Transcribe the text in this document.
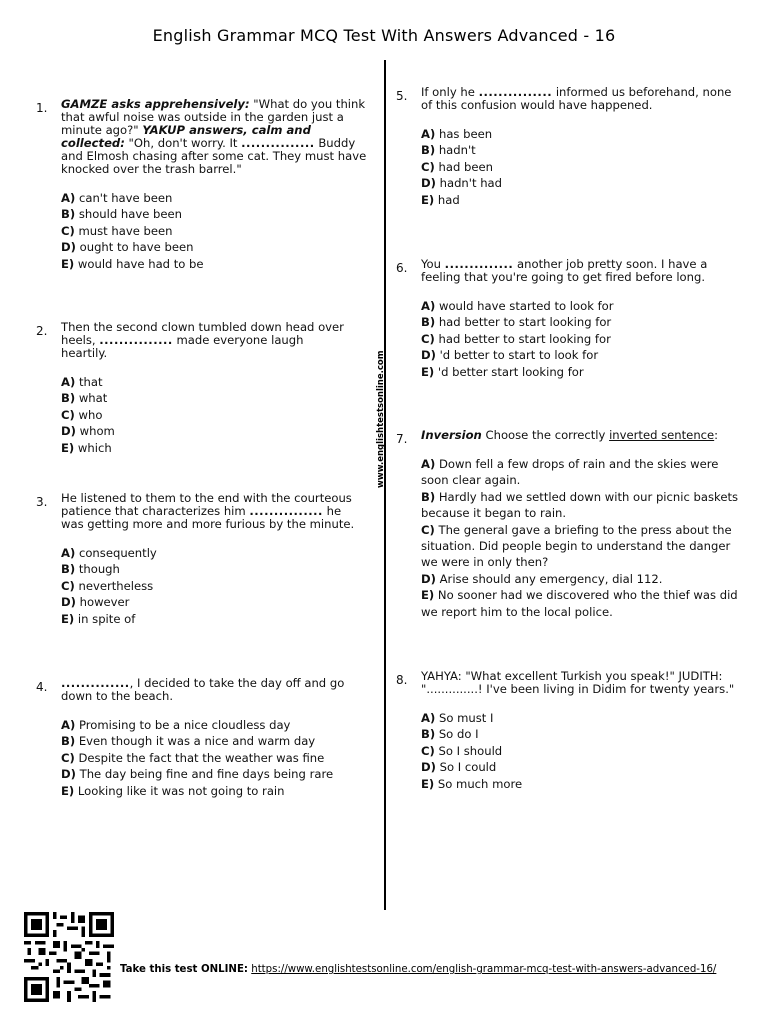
English Grammar MCQ Test With Answers Advanced - 16
www.englishtestsonline.com
1. GAMZE asks apprehensively: "What do you think that awful noise was outside in the garden just a minute ago?" YAKUP answers, calm and collected: "Oh, don't worry. It ............... Buddy and Elmosh chasing after some cat. They must have knocked over the trash barrel."
A) can't have been
B) should have been
C) must have been
D) ought to have been
E) would have had to be
2. Then the second clown tumbled down head over heels, ............... made everyone laugh heartily.
A) that
B) what
C) who
D) whom
E) which
3. He listened to them to the end with the courteous patience that characterizes him ............... he was getting more and more furious by the minute.
A) consequently
B) though
C) nevertheless
D) however
E) in spite of
4. .............., I decided to take the day off and go down to the beach.
A) Promising to be a nice cloudless day
B) Even though it was a nice and warm day
C) Despite the fact that the weather was fine
D) The day being fine and fine days being rare
E) Looking like it was not going to rain
5. If only he ............... informed us beforehand, none of this confusion would have happened.
A) has been
B) hadn't
C) had been
D) hadn't had
E) had
6. You .............. another job pretty soon. I have a feeling that you're going to get fired before long.
A) would have started to look for
B) had better to start looking for
C) had better to start looking for
D) 'd better to start to look for
E) 'd better start looking for
7. Inversion Choose the correctly inverted sentence:
A) Down fell a few drops of rain and the skies were soon clear again.
B) Hardly had we settled down with our picnic baskets because it began to rain.
C) The general gave a briefing to the press about the situation. Did people begin to understand the danger we were in only then?
D) Arise should any emergency, dial 112.
E) No sooner had we discovered who the thief was did we report him to the local police.
8. YAHYA: "What excellent Turkish you speak!" JUDITH: "..............! I've been living in Didim for twenty years."
A) So must I
B) So do I
C) So I should
D) So I could
E) So much more
Take this test ONLINE: https://www.englishtestsonline.com/english-grammar-mcq-test-with-answers-advanced-16/
